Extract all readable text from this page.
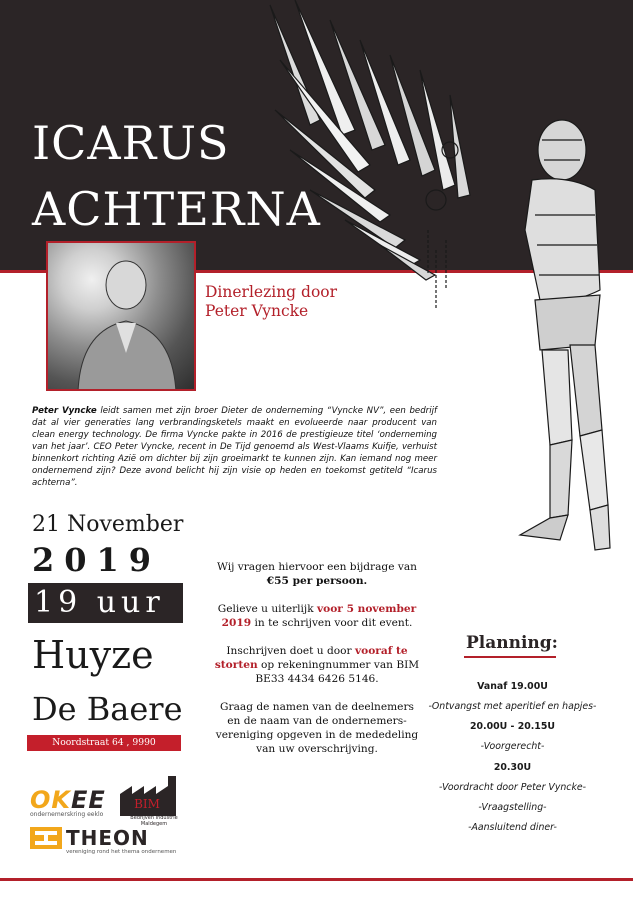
ICARUS
ACHTERNA
Dinerlezing door
Peter Vyncke
Peter Vyncke leidt samen met zijn broer Dieter de onderneming “Vyncke NV”, een bedrijf dat al vier generaties lang verbrandingsketels maakt en evolueerde naar producent van clean energy technology. De firma Vyncke pakte in 2016 de prestigieuze titel ‘onderneming van het jaar’. CEO Peter Vyncke, recent in De Tijd genoemd als West-Vlaams Kuifje, verhuist binnenkort richting Azië om dichter bij zijn groeimarkt te kunnen zijn. Kan iemand nog meer ondernemend zijn? Deze avond belicht hij zijn visie op heden en toekomst getiteld “Icarus achterna”.
21 November
2019
19 uur
Huyze
De Baere
Noordstraat 64 , 9990 Maldegem

Wij vragen hiervoor een bijdrage van €55 per persoon.

Gelieve u uiterlijk voor 5 november 2019 in te schrijven voor dit event.

Inschrijven doet u door vooraf te storten op rekeningnummer van BIM BE33 4434 6426 5146.

Graag de namen van de deelnemers en de naam van de ondernemers-vereniging opgeven in de mededeling van uw overschrijving.

Planning:
Vanaf 19.00U
-Ontvangst met aperitief en hapjes-
20.00U - 20.15U
-Voorgerecht-
20.30U
-Voordracht door Peter Vyncke-
-Vraagstelling-
-Aansluitend diner-
OKEE
ondernemerskring eeklo
BIM
Bedrijven Industrie Maldegem
THEON
vereniging rond het thema ondernemen
